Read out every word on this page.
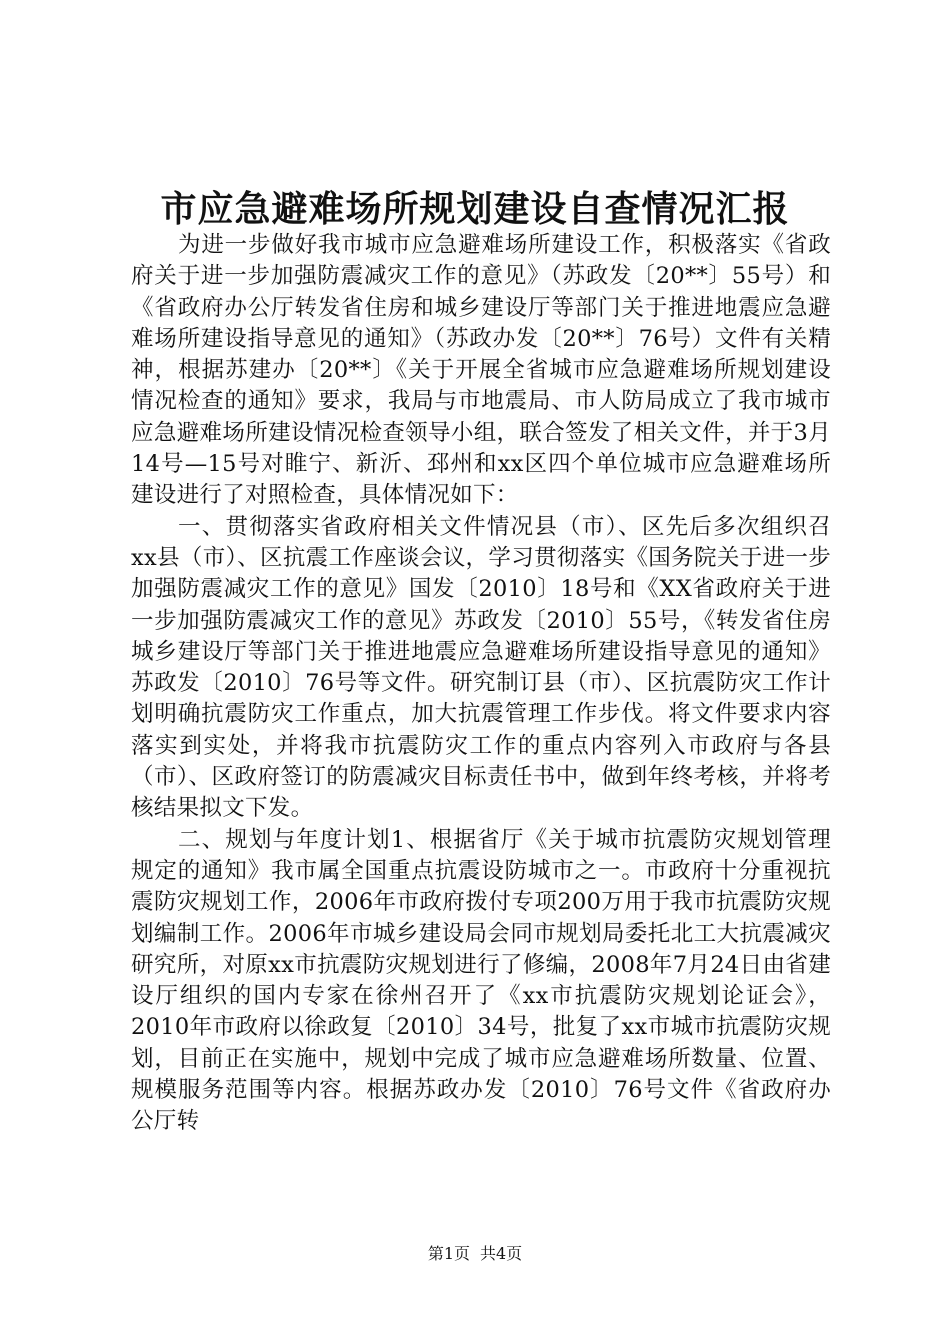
市应急避难场所规划建设自查情况汇报

为进一步做好我市城市应急避难场所建设工作，积极落实《省政府关于进一步加强防震减灾工作的意见》（苏政发〔20**〕55号）和《省政府办公厅转发省住房和城乡建设厅等部门关于推进地震应急避难场所建设指导意见的通知》（苏政办发〔20**〕76号）文件有关精神，根据苏建办〔20**〕《关于开展全省城市应急避难场所规划建设情况检查的通知》要求，我局与市地震局、市人防局成立了我市城市应急避难场所建设情况检查领导小组，联合签发了相关文件，并于3月14号—15号对睢宁、新沂、邳州和xx区四个单位城市应急避难场所建设进行了对照检查，具体情况如下：

一、贯彻落实省政府相关文件情况县（市）、区先后多次组织召xx县（市）、区抗震工作座谈会议，学习贯彻落实《国务院关于进一步加强防震减灾工作的意见》国发〔2010〕18号和《XX省政府关于进一步加强防震减灾工作的意见》苏政发〔2010〕55号，《转发省住房城乡建设厅等部门关于推进地震应急避难场所建设指导意见的通知》苏政发〔2010〕76号等文件。研究制订县（市）、区抗震防灾工作计划明确抗震防灾工作重点，加大抗震管理工作步伐。将文件要求内容落实到实处，并将我市抗震防灾工作的重点内容列入市政府与各县（市）、区政府签订的防震减灾目标责任书中，做到年终考核，并将考核结果拟文下发。

二、规划与年度计划1、根据省厅《关于城市抗震防灾规划管理规定的通知》我市属全国重点抗震设防城市之一。市政府十分重视抗震防灾规划工作，2006年市政府拨付专项200万用于我市抗震防灾规划编制工作。2006年市城乡建设局会同市规划局委托北工大抗震减灾研究所，对原xx市抗震防灾规划进行了修编，2008年7月24日由省建设厅组织的国内专家在徐州召开了《xx市抗震防灾规划论证会》，2010年市政府以徐政复〔2010〕34号，批复了xx市城市抗震防灾规划，目前正在实施中，规划中完成了城市应急避难场所数量、位置、规模服务范围等内容。根据苏政办发〔2010〕76号文件《省政府办公厅转

第1页 共4页
